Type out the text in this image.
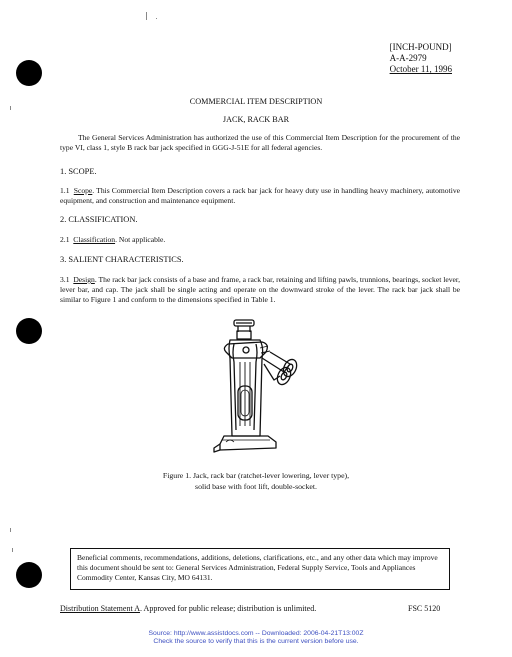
[INCH-POUND]
A-A-2979
October 11, 1996
COMMERCIAL ITEM DESCRIPTION
JACK, RACK BAR
The General Services Administration has authorized the use of this Commercial Item Description for the procurement of the type VI, class 1, style B rack bar jack specified in GGG-J-51E for all federal agencies.
1. SCOPE.
1.1 Scope. This Commercial Item Description covers a rack bar jack for heavy duty use in handling heavy machinery, automotive equipment, and construction and maintenance equipment.
2. CLASSIFICATION.
2.1 Classification. Not applicable.
3. SALIENT CHARACTERISTICS.
3.1 Design. The rack bar jack consists of a base and frame, a rack bar, retaining and lifting pawls, trunnions, bearings, socket lever, lever bar, and cap. The jack shall be single acting and operate on the downward stroke of the lever. The rack bar jack shall be similar to Figure 1 and conform to the dimensions specified in Table 1.
Figure 1. Jack, rack bar (ratchet-lever lowering, lever type),
solid base with foot lift, double-socket.
Beneficial comments, recommendations, additions, deletions, clarifications, etc., and any other data which may improve this document should be sent to: General Services Administration, Federal Supply Service, Tools and Appliances Commodity Center, Kansas City, MO 64131.
Distribution Statement A. Approved for public release; distribution is unlimited.	FSC 5120
Source: http://www.assistdocs.com -- Downloaded: 2006-04-21T13:00Z
Check the source to verify that this is the current version before use.
